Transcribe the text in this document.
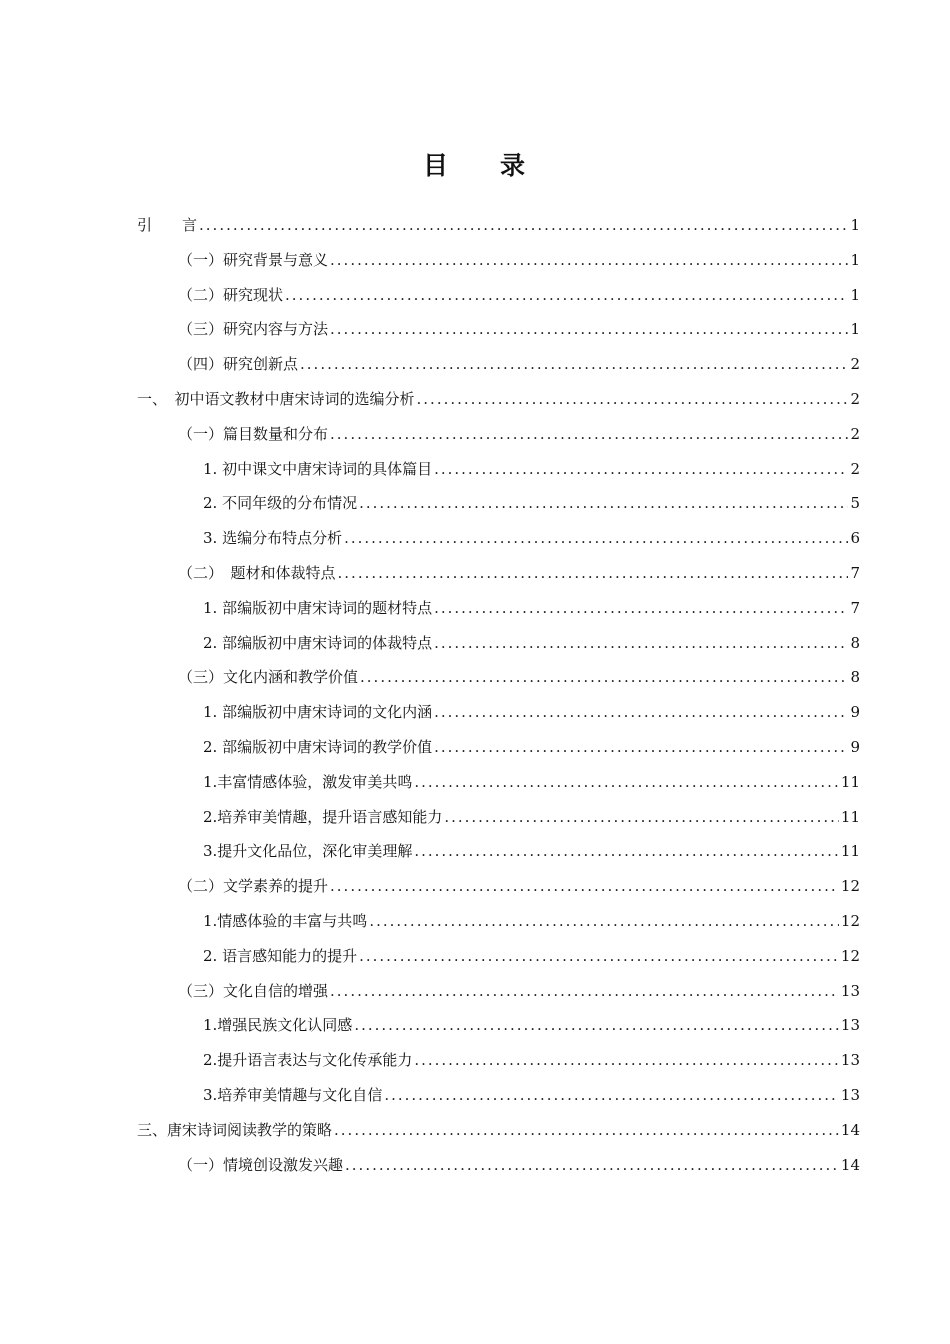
目 录
引　　言 .....	1
（一）研究背景与意义 .....	1
（二）研究现状 .....	1
（三）研究内容与方法 .....	1
（四）研究创新点 .....	2
一、　初中语文教材中唐宋诗词的选编分析 .....	2
（一）篇目数量和分布 .....	2
1. 初中课文中唐宋诗词的具体篇目 .....	2
2. 不同年级的分布情况 .....	5
3. 选编分布特点分析 .....	6
（二）　题材和体裁特点 .....	7
1. 部编版初中唐宋诗词的题材特点 .....	7
2. 部编版初中唐宋诗词的体裁特点 .....	8
（三）文化内涵和教学价值 .....	8
1. 部编版初中唐宋诗词的文化内涵 .....	9
2. 部编版初中唐宋诗词的教学价值 .....	9
1.丰富情感体验，激发审美共鸣 .....	11
2.培养审美情趣，提升语言感知能力 .....	11
3.提升文化品位，深化审美理解 .....	11
（二）文学素养的提升 .....	12
1.情感体验的丰富与共鸣 .....	12
2. 语言感知能力的提升 .....	12
（三）文化自信的增强 .....	13
1.增强民族文化认同感 .....	13
2.提升语言表达与文化传承能力 .....	13
3.培养审美情趣与文化自信 .....	13
三、唐宋诗词阅读教学的策略 .....	14
（一）情境创设激发兴趣 .....	14
